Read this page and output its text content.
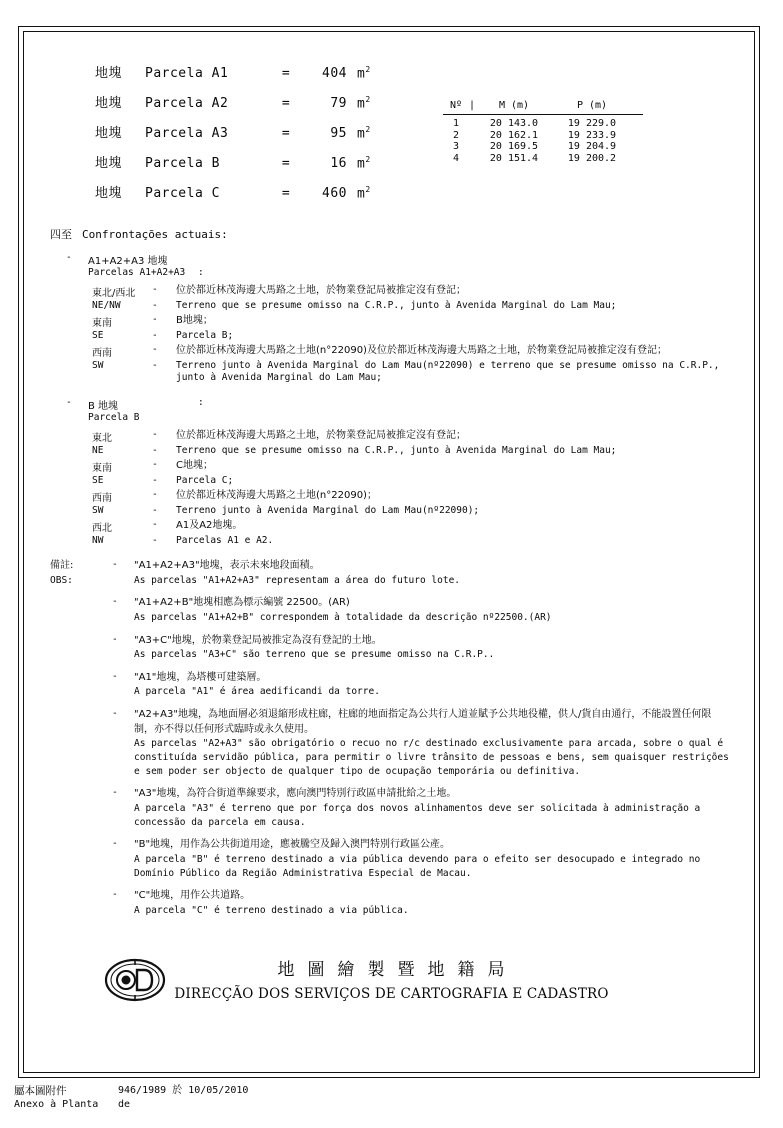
地塊	Parcela A1	=	404 $m^2$
地塊	Parcela A2	=	79 $m^2$
地塊	Parcela A3	=	95 $m^2$
地塊	Parcela B	=	16 $m^2$
地塊	Parcela C	=	460 $m^2$
Nº |	M (m)	P (m)
1	20 143.0	19 229.0
2	20 162.1	19 233.9
3	20 169.5	19 204.9
4	20 151.4	19 200.2
四至 Confrontações actuais:
-	A1+A2+A3 地塊
Parcelas A1+A2+A3	:
東北/西北	-	位於都近林茂海邊大馬路之土地，於物業登記局被推定沒有登記；
NE/NW	-	Terreno que se presume omisso na C.R.P., junto à Avenida Marginal do Lam Mau;
東南	-	B地塊；
SE	-	Parcela B;
西南	-	位於都近林茂海邊大馬路之土地(n°22090)及位於都近林茂海邊大馬路之土地，於物業登記局被推定沒有登記；
SW	-	Terreno junto à Avenida Marginal do Lam Mau(nº22090) e terreno que se presume omisso na C.R.P., junto à Avenida Marginal do Lam Mau;
-	B 地塊	:
Parcela B
東北	-	位於都近林茂海邊大馬路之土地，於物業登記局被推定沒有登記；
NE	-	Terreno que se presume omisso na C.R.P., junto à Avenida Marginal do Lam Mau;
東南	-	C地塊；
SE	-	Parcela C;
西南	-	位於都近林茂海邊大馬路之土地(n°22090)；
SW	-	Terreno junto à Avenida Marginal do Lam Mau(nº22090);
西北	-	A1及A2地塊。
NW	-	Parcelas A1 e A2.
備註:
OBS:
-	"A1+A2+A3"地塊，表示未來地段面積。
As parcelas "A1+A2+A3" representam a área do futuro lote.
-	"A1+A2+B"地塊相應為標示編號 22500。(AR)
As parcelas "A1+A2+B" correspondem à totalidade da descrição nº22500.(AR)
-	"A3+C"地塊，於物業登記局被推定為沒有登記的土地。
As parcelas "A3+C" são terreno que se presume omisso na C.R.P..
-	"A1"地塊，為塔樓可建築層。
A parcela "A1" é área aedificandi da torre.
-	"A2+A3"地塊，為地面層必須退縮形成柱廊，柱廊的地面指定為公共行人道並賦予公共地役權，供人/貨自由通行，不能設置任何限制，亦不得以任何形式臨時或永久使用。
As parcelas "A2+A3" são obrigatório o recuo no r/c destinado exclusivamente para arcada, sobre o qual é constituída servidão pública, para permitir o livre trânsito de pessoas e bens, sem quaisquer restrições e sem poder ser objecto de qualquer tipo de ocupação temporária ou definitiva.
-	"A3"地塊，為符合街道準線要求，應向澳門特別行政區申請批給之土地。
A parcela "A3" é terreno que por força dos novos alinhamentos deve ser solicitada à administração a concessão da parcela em causa.
-	"B"地塊，用作為公共街道用途，應被騰空及歸入澳門特別行政區公產。
A parcela "B" é terreno destinado a via pública devendo para o efeito ser desocupado e integrado no Domínio Público da Região Administrativa Especial de Macau.
-	"C"地塊，用作公共道路。
A parcela "C" é terreno destinado a via pública.
地圖繪製暨地籍局
DIRECÇÃO DOS SERVIÇOS DE CARTOGRAFIA E CADASTRO
屬本圖附件	946/1989 於 10/05/2010
Anexo à Planta	de
